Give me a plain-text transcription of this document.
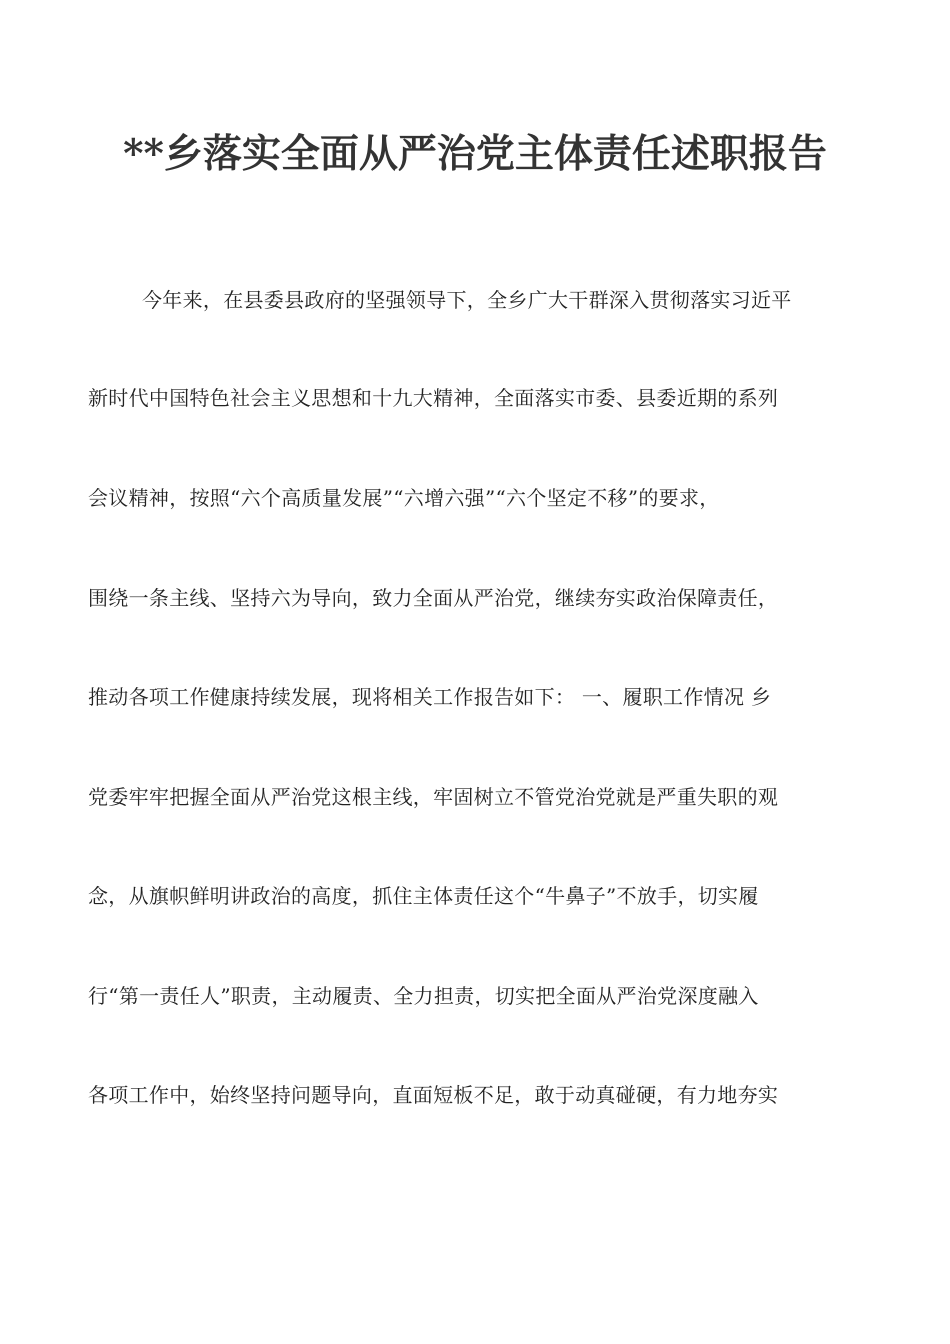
**乡落实全面从严治党主体责任述职报告
今年来，在县委县政府的坚强领导下，全乡广大干群深入贯彻落实习近平
新时代中国特色社会主义思想和十九大精神，全面落实市委、县委近期的系列
会议精神，按照“六个高质量发展”“六增六强”“六个坚定不移”的要求，
围绕一条主线、坚持六为导向，致力全面从严治党，继续夯实政治保障责任，
推动各项工作健康持续发展，现将相关工作报告如下： 一、履职工作情况 乡
党委牢牢把握全面从严治党这根主线，牢固树立不管党治党就是严重失职的观
念，从旗帜鲜明讲政治的高度，抓住主体责任这个“牛鼻子”不放手，切实履
行“第一责任人”职责，主动履责、全力担责，切实把全面从严治党深度融入
各项工作中，始终坚持问题导向，直面短板不足，敢于动真碰硬，有力地夯实
